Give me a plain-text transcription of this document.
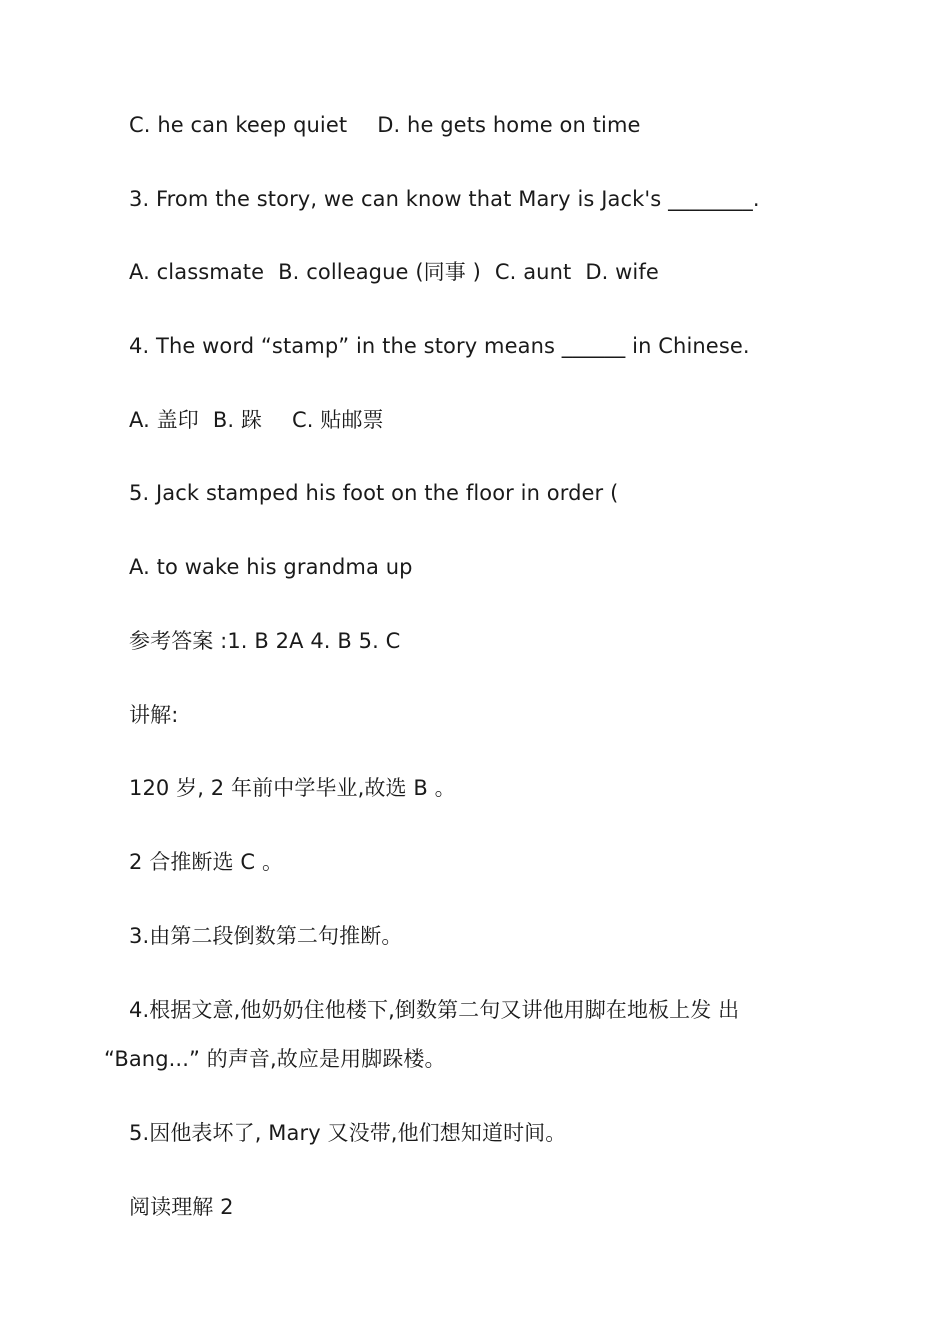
C. he can keep quiet D. he gets home on time
3. From the story, we can know that Mary is Jack's ________.
A. classmate B. colleague (同事 ) C. aunt D. wife
4. The word “stamp” in the story means ______ in Chinese.
A. 盖印 B. 跺 C. 贴邮票
5. Jack stamped his foot on the floor in order (
A. to wake his grandma up
参考答案 :1. B 2A 4. B 5. C
讲解:
120 岁, 2 年前中学毕业,故选 B 。
2 合推断选 C 。
3.由第二段倒数第二句推断。
4.根据文意,他奶奶住他楼下,倒数第二句又讲他用脚在地板上发 出
“Bang...” 的声音,故应是用脚跺楼。
5.因他表坏了, Mary 又没带,他们想知道时间。
阅读理解 2
